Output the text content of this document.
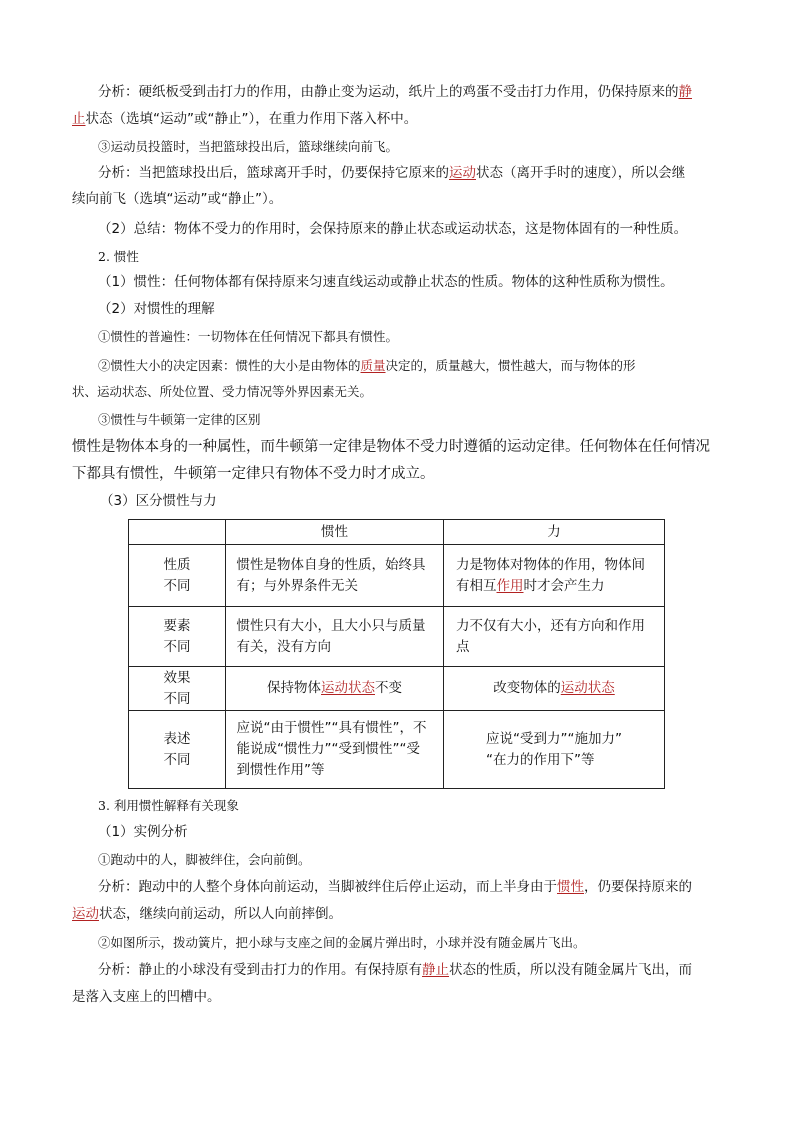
分析：硬纸板受到击打力的作用，由静止变为运动，纸片上的鸡蛋不受击打力作用，仍保持原来的静
止状态（选填“运动”或“静止”），在重力作用下落入杯中。
③运动员投篮时，当把篮球投出后，篮球继续向前飞。
分析：当把篮球投出后，篮球离开手时，仍要保持它原来的运动状态（离开手时的速度），所以会继
续向前飞（选填“运动”或“静止”）。
（2）总结：物体不受力的作用时，会保持原来的静止状态或运动状态，这是物体固有的一种性质。
2. 惯性
（1）惯性：任何物体都有保持原来匀速直线运动或静止状态的性质。物体的这种性质称为惯性。
（2）对惯性的理解
①惯性的普遍性：一切物体在任何情况下都具有惯性。
②惯性大小的决定因素：惯性的大小是由物体的质量决定的，质量越大，惯性越大，而与物体的形
状、运动状态、所处位置、受力情况等外界因素无关。
③惯性与牛顿第一定律的区别
惯性是物体本身的一种属性，而牛顿第一定律是物体不受力时遵循的运动定律。任何物体在任何情况
下都具有惯性，牛顿第一定律只有物体不受力时才成立。
（3）区分惯性与力
	惯性	力
性质
不同	惯性是物体自身的性质，始终具有；与外界条件无关	力是物体对物体的作用，物体间有相互作用时才会产生力
要素
不同	惯性只有大小，且大小只与质量有关，没有方向	力不仅有大小，还有方向和作用点
效果
不同	保持物体运动状态不变	改变物体的运动状态
表述
不同	应说“由于惯性”“具有惯性”，不能说成“惯性力”“受到惯性”“受到惯性作用”等	应说“受到力”“施加力”
“在力的作用下”等
3. 利用惯性解释有关现象
（1）实例分析
①跑动中的人，脚被绊住，会向前倒。
分析：跑动中的人整个身体向前运动，当脚被绊住后停止运动，而上半身由于惯性，仍要保持原来的
运动状态，继续向前运动，所以人向前摔倒。
②如图所示，拨动簧片，把小球与支座之间的金属片弹出时，小球并没有随金属片飞出。
分析：静止的小球没有受到击打力的作用。有保持原有静止状态的性质，所以没有随金属片飞出，而
是落入支座上的凹槽中。
